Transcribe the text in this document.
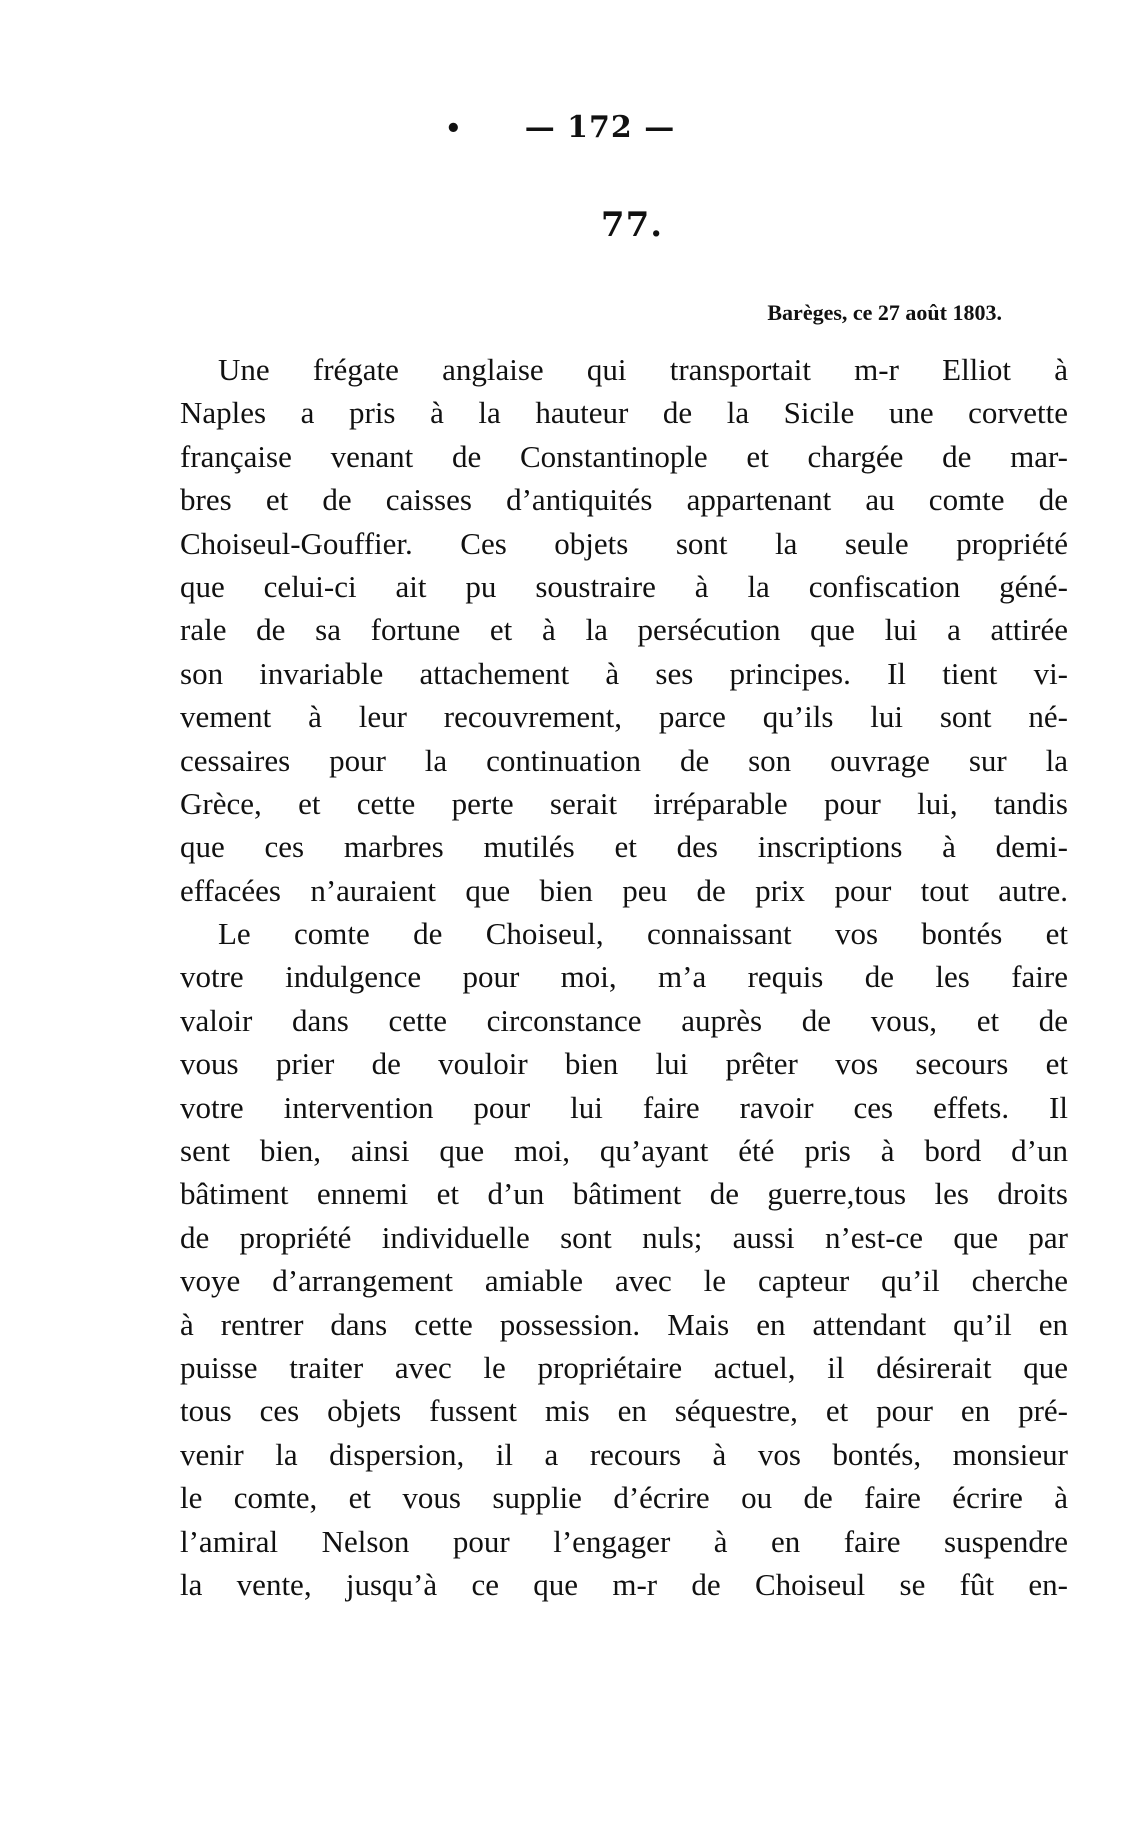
• — 172 —
77.
Barèges, ce 27 août 1803.
Une frégate anglaise qui transportait m-r Elliot à
Naples a pris à la hauteur de la Sicile une corvette
française venant de Constantinople et chargée de mar-
bres et de caisses d’antiquités appartenant au comte de
Choiseul-Gouffier. Ces objets sont la seule propriété
que celui-ci ait pu soustraire à la confiscation géné-
rale de sa fortune et à la persécution que lui a attirée
son invariable attachement à ses principes. Il tient vi-
vement à leur recouvrement, parce qu’ils lui sont né-
cessaires pour la continuation de son ouvrage sur la
Grèce, et cette perte serait irréparable pour lui, tandis
que ces marbres mutilés et des inscriptions à demi-
effacées n’auraient que bien peu de prix pour tout autre.
Le comte de Choiseul, connaissant vos bontés et
votre indulgence pour moi, m’a requis de les faire
valoir dans cette circonstance auprès de vous, et de
vous prier de vouloir bien lui prêter vos secours et
votre intervention pour lui faire ravoir ces effets. Il
sent bien, ainsi que moi, qu’ayant été pris à bord d’un
bâtiment ennemi et d’un bâtiment de guerre,tous les droits
de propriété individuelle sont nuls; aussi n’est-ce que par
voye d’arrangement amiable avec le capteur qu’il cherche
à rentrer dans cette possession. Mais en attendant qu’il en
puisse traiter avec le propriétaire actuel, il désirerait que
tous ces objets fussent mis en séquestre, et pour en pré-
venir la dispersion, il a recours à vos bontés, monsieur
le comte, et vous supplie d’écrire ou de faire écrire à
l’amiral Nelson pour l’engager à en faire suspendre
la vente, jusqu’à ce que m-r de Choiseul se fût en-
